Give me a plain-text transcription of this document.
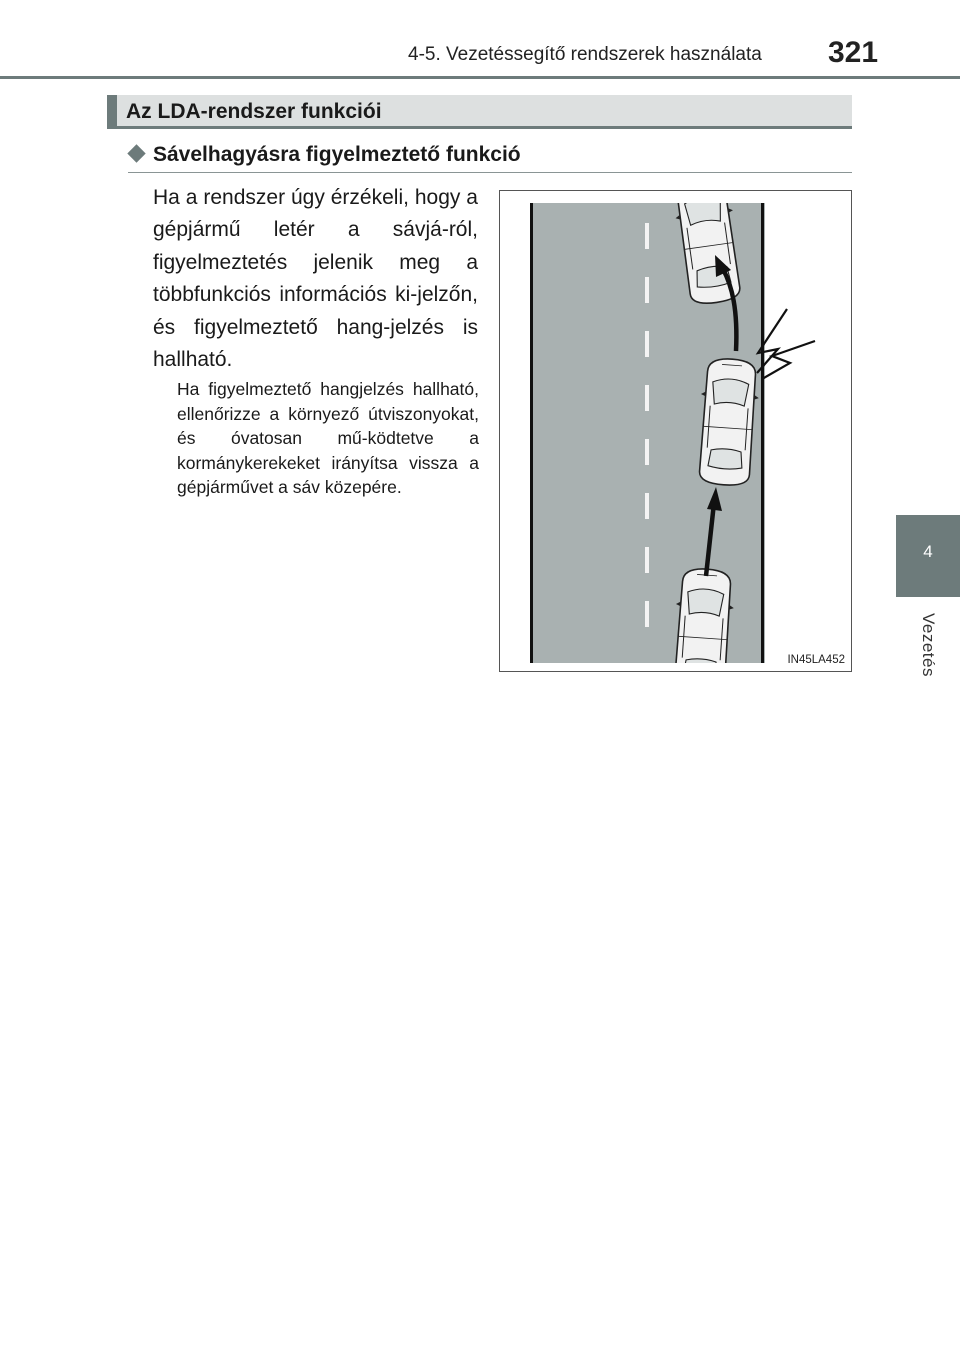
4-5. Vezetéssegítő rendszerek használata 321
4
Vezetés
Az LDA-rendszer funkciói
Sávelhagyásra figyelmeztető funkció
Ha a rendszer úgy érzékeli, hogy a gépjármű letér a sávjá-ról, figyelmeztetés jelenik meg a többfunkciós információs ki-jelzőn, és figyelmeztető hang-jelzés is hallható.
Ha figyelmeztető hangjelzés hallható, ellenőrizze a környező útviszonyokat, és óvatosan mű-ködtetve a kormánykerekeket irányítsa vissza a gépjárművet a sáv közepére.
IN45LA452
